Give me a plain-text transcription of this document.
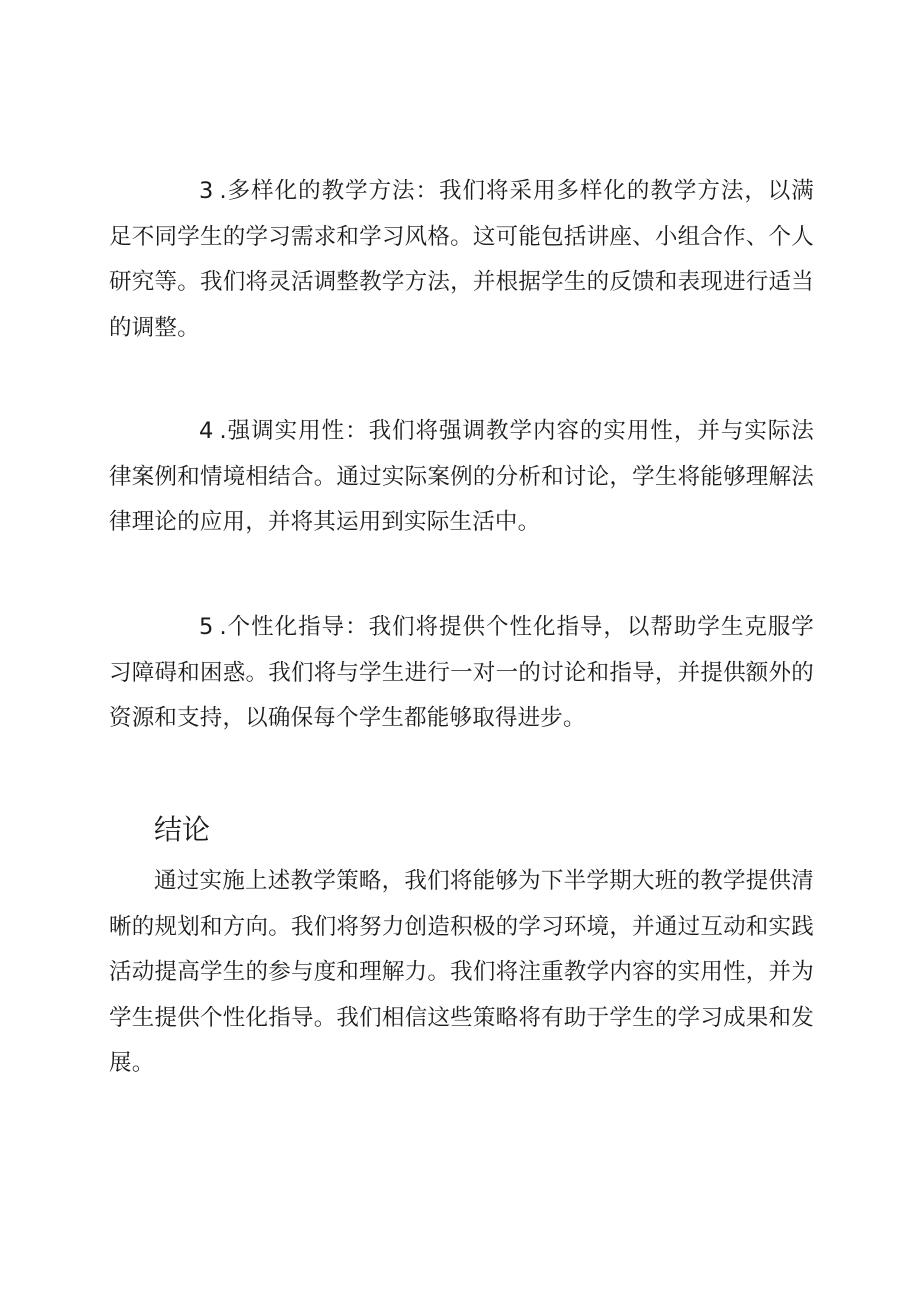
3 .多样化的教学方法：我们将采用多样化的教学方法，以满足不同学生的学习需求和学习风格。这可能包括讲座、小组合作、个人研究等。我们将灵活调整教学方法，并根据学生的反馈和表现进行适当的调整。

4 .强调实用性：我们将强调教学内容的实用性，并与实际法律案例和情境相结合。通过实际案例的分析和讨论，学生将能够理解法律理论的应用，并将其运用到实际生活中。

5 .个性化指导：我们将提供个性化指导，以帮助学生克服学习障碍和困惑。我们将与学生进行一对一的讨论和指导，并提供额外的资源和支持，以确保每个学生都能够取得进步。

结论

通过实施上述教学策略，我们将能够为下半学期大班的教学提供清晰的规划和方向。我们将努力创造积极的学习环境，并通过互动和实践活动提高学生的参与度和理解力。我们将注重教学内容的实用性，并为学生提供个性化指导。我们相信这些策略将有助于学生的学习成果和发展。
